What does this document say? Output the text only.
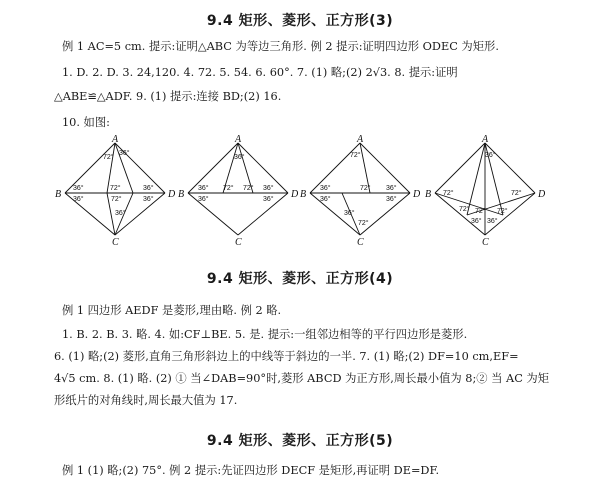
9.4 矩形、菱形、正方形(3)
例 1 AC=5 cm. 提示:证明△ABC 为等边三角形. 例 2 提示:证明四边形 ODEC 为矩形.
1. D. 2. D. 3. 24,120. 4. 72. 5. 54. 6. 60°. 7. (1) 略;(2) 2√3. 8. 提示:证明
△ABE≌△ADF. 9. (1) 提示:连接 BD;(2) 16.
10. 如图:
A
B	D
C
72°
36°
36°
36°
72°
72°
36°
36°
36°
A
B	D
C
36°
36°
36°
72° 72° 36°
36°
A
B	D
C
72°
36°
36°
72° 36°
36°
36°
72°
A
B	D
C
36°
72°	72°
72° 72° 72°
36° 36°
9.4 矩形、菱形、正方形(4)
例 1 四边形 AEDF 是菱形,理由略. 例 2 略.
1. B. 2. B. 3. 略. 4. 如:CF⊥BE. 5. 是. 提示:一组邻边相等的平行四边形是菱形.
6. (1) 略;(2) 菱形,直角三角形斜边上的中线等于斜边的一半. 7. (1) 略;(2) DF=10 cm,EF=
4√5 cm. 8. (1) 略. (2) ① 当∠DAB=90°时,菱形 ABCD 为正方形,周长最小值为 8;② 当 AC 为矩
形纸片的对角线时,周长最大值为 17.
9.4 矩形、菱形、正方形(5)
例 1 (1) 略;(2) 75°. 例 2 提示:先证四边形 DECF 是矩形,再证明 DE=DF.
